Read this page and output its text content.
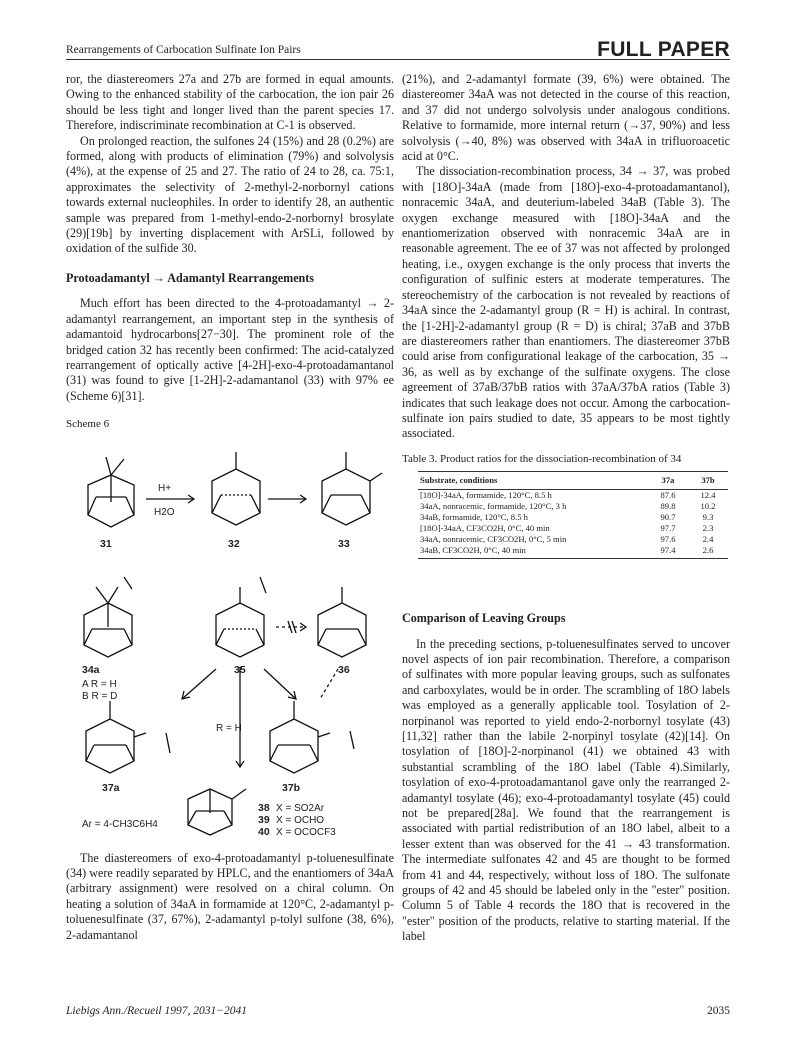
Rearrangements of Carbocation Sulfinate Ion Pairs	FULL PAPER

ror, the diastereomers 27a and 27b are formed in equal amounts. Owing to the enhanced stability of the carbocation, the ion pair 26 should be less tight and longer lived than the parent species 17. Therefore, indiscriminate recombination at C-1 is observed.

On prolonged reaction, the sulfones 24 (15%) and 28 (0.2%) are formed, along with products of elimination (79%) and solvolysis (4%), at the expense of 25 and 27. The ratio of 24 to 28, ca. 75:1, approximates the selectivity of 2-methyl-2-norbornyl cations towards external nucleophiles. In order to identify 28, an authentic sample was prepared from 1-methyl-endo-2-norbornyl brosylate (29)[19b] by inverting displacement with ArSLi, followed by oxidation of the sulfide 30.

Protoadamantyl → Adamantyl Rearrangements

Much effort has been directed to the 4-protoadamantyl → 2-adamantyl rearrangement, an important step in the synthesis of adamantoid hydrocarbons[27−30]. The prominent role of the bridged cation 32 has recently been confirmed: The acid-catalyzed rearrangement of optically active [4-2H]-exo-4-protoadamantanol (31) was found to give [1-2H]-2-adamantanol (33) with 97% ee (Scheme 6)[31].

Scheme 6
31	32	33
H+
H2O
34a	35	36
A R = H
B R = D
R = H
37a	37b
Ar = 4-CH3C6H4
38 X = SO2Ar
39 X = OCHO
40 X = OCOCF3

The diastereomers of exo-4-protoadamantyl p-toluenesulfinate (34) were readily separated by HPLC, and the enantiomers of 34aA (arbitrary assignment) were resolved on a chiral column. On heating a solution of 34aA in formamide at 120°C, 2-adamantyl p-toluenesulfinate (37, 67%), 2-adamantyl p-tolyl sulfone (38, 6%), 2-adamantanol

(21%), and 2-adamantyl formate (39, 6%) were obtained. The diastereomer 34aA was not detected in the course of this reaction, and 37 did not undergo solvolysis under analogous conditions. Relative to formamide, more internal return (→37, 90%) and less solvolysis (→40, 8%) was observed with 34aA in trifluoroacetic acid at 0°C.

The dissociation-recombination process, 34 → 37, was probed with [18O]-34aA (made from [18O]-exo-4-protoadamantanol), nonracemic 34aA, and deuterium-labeled 34aB (Table 3). The oxygen exchange measured with [18O]-34aA and the enantiomerization observed with nonracemic 34aA are in reasonable agreement. The ee of 37 was not affected by prolonged heating, i.e., oxygen exchange is the only process that inverts the configuration of sulfinic esters at moderate temperatures. The stereochemistry of the carbocation is not revealed by reactions of 34aA since the 2-adamantyl group (R = H) is achiral. In contrast, the [1-2H]-2-adamantyl group (R = D) is chiral; 37aB and 37bB are diastereomers rather than enantiomers. The diastereomer 37bB could arise from configurational leakage of the carbocation, 35 → 36, as well as by exchange of the sulfinate oxygens. The close agreement of 37aB/37bB ratios with 37aA/37bA ratios (Table 3) indicates that such leakage does not occur. Among the carbocation-sulfinate ion pairs studied to date, 35 appears to be most tightly associated.

Table 3. Product ratios for the dissociation-recombination of 34
Substrate, conditions	37a	37b
[18O]-34aA, formamide, 120°C, 8.5 h	87.6	12.4
34aA, nonracemic, formamide, 120°C, 3 h	89.8	10.2
34aB, formamide, 120°C, 8.5 h	90.7	9.3
[18O]-34aA, CF3CO2H, 0°C, 40 min	97.7	2.3
34aA, nonracemic, CF3CO2H, 0°C, 5 min	97.6	2.4
34aB, CF3CO2H, 0°C, 40 min	97.4	2.6
Comparison of Leaving Groups

In the preceding sections, p-toluenesulfinates served to uncover novel aspects of ion pair recombination. Therefore, a comparison of sulfinates with more popular leaving groups, such as sulfonates and carboxylates, would be in order. The scrambling of 18O labels was employed as a generally applicable tool. Tosylation of 2-norpinanol was reported to yield endo-2-norbornyl tosylate (43)[11,32] rather than the labile 2-norpinyl tosylate (42)[14]. On tosylation of [18O]-2-norpinanol (41) we obtained 43 with substantial scrambling of the 18O label (Table 4).Similarly, tosylation of exo-4-protoadamantanol gave only the rearranged 2-adamantyl tosylate (46); exo-4-protoadamantyl tosylate (45) could not be prepared[28a]. We found that the rearrangement is associated with partial redistribution of an 18O label, albeit to a lesser extent than was observed for the 41 → 43 transformation. The intermediate sulfonates 42 and 45 are thought to be formed from 41 and 44, respectively, without loss of 18O. The sulfonate groups of 42 and 45 should be labeled only in the "ester" position. Column 5 of Table 4 records the 18O that is recovered in the "ester" position of the products, relative to starting material. If the label

Liebigs Ann./Recueil 1997, 2031−2041	2035
